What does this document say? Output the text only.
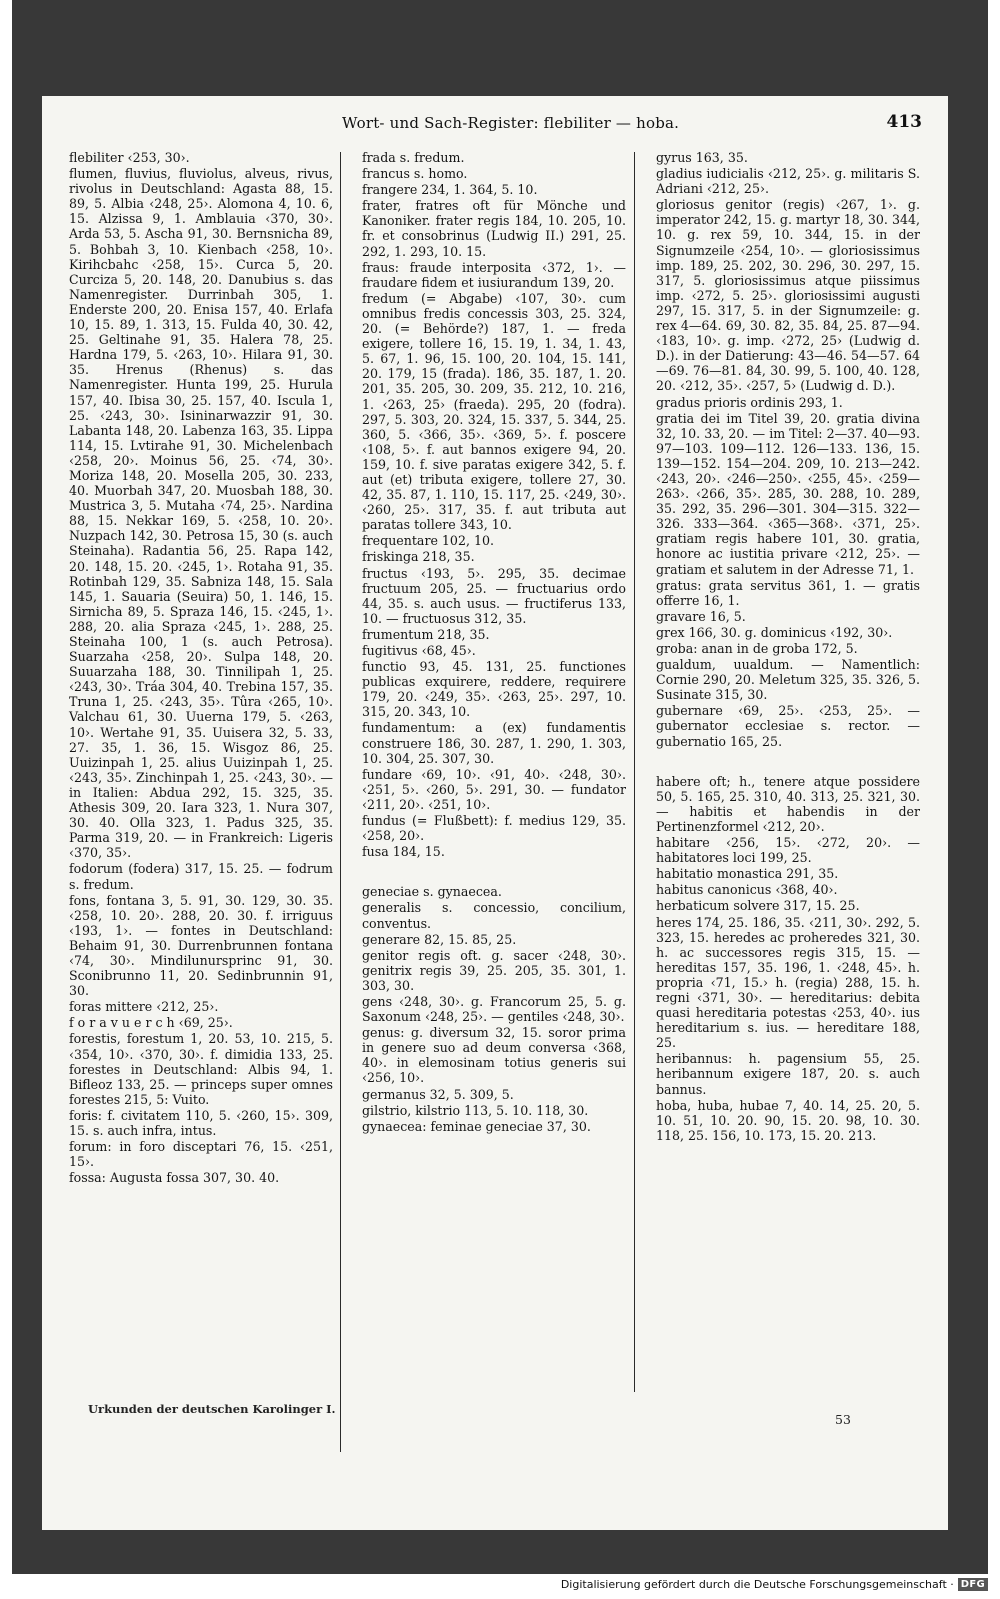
Wort- und Sach-Register: flebiliter — hoba.	413
flebiliter ‹253, 30›.
flumen, fluvius, fluviolus, alveus, rivus, rivolus in Deutschland: Agasta 88, 15. 89, 5. Albia ‹248, 25›. Alomona 4, 10. 6, 15. Alzissa 9, 1. Amblauia ‹370, 30›. Arda 53, 5. Ascha 91, 30. Bernsnicha 89, 5. Bohbah 3, 10. Kienbach ‹258, 10›. Kirihcbahc ‹258, 15›. Curca 5, 20. Curciza 5, 20. 148, 20. Danubius s. das Namenregister. Durrinbah 305, 1. Enderste 200, 20. Enisa 157, 40. Erlafa 10, 15. 89, 1. 313, 15. Fulda 40, 30. 42, 25. Geltinahe 91, 35. Halera 78, 25. Hardna 179, 5. ‹263, 10›. Hilara 91, 30. 35. Hrenus (Rhenus) s. das Namenregister. Hunta 199, 25. Hurula 157, 40. Ibisa 30, 25. 157, 40. Iscula 1, 25. ‹243, 30›. Isininarwazzir 91, 30. Labanta 148, 20. Labenza 163, 35. Lippa 114, 15. Lvtirahe 91, 30. Michelenbach ‹258, 20›. Moinus 56, 25. ‹74, 30›. Moriza 148, 20. Mosella 205, 30. 233, 40. Muorbah 347, 20. Muosbah 188, 30. Mustrica 3, 5. Mutaha ‹74, 25›. Nardina 88, 15. Nekkar 169, 5. ‹258, 10. 20›. Nuzpach 142, 30. Petrosa 15, 30 (s. auch Steinaha). Radantia 56, 25. Rapa 142, 20. 148, 15. 20. ‹245, 1›. Rotaha 91, 35. Rotinbah 129, 35. Sabniza 148, 15. Sala 145, 1. Sauaria (Seuira) 50, 1. 146, 15. Sirnicha 89, 5. Spraza 146, 15. ‹245, 1›. 288, 20. alia Spraza ‹245, 1›. 288, 25. Steinaha 100, 1 (s. auch Petrosa). Suarzaha ‹258, 20›. Sulpa 148, 20. Suuarzaha 188, 30. Tinnilipah 1, 25. ‹243, 30›. Tráa 304, 40. Trebina 157, 35. Truna 1, 25. ‹243, 35›. Tûra ‹265, 10›. Valchau 61, 30. Uuerna 179, 5. ‹263, 10›. Wertahe 91, 35. Uuisera 32, 5. 33, 27. 35, 1. 36, 15. Wisgoz 86, 25. Uuizinpah 1, 25. alius Uuizinpah 1, 25. ‹243, 35›. Zinchinpah 1, 25. ‹243, 30›. — in Italien: Abdua 292, 15. 325, 35. Athesis 309, 20. Iara 323, 1. Nura 307, 30. 40. Olla 323, 1. Padus 325, 35. Parma 319, 20. — in Frankreich: Ligeris ‹370, 35›.
fodorum (fodera) 317, 15. 25. — fodrum s. fredum.
fons, fontana 3, 5. 91, 30. 129, 30. 35. ‹258, 10. 20›. 288, 20. 30. f. irriguus ‹193, 1›. — fontes in Deutschland: Behaim 91, 30. Durrenbrunnen fontana ‹74, 30›. Mindilunursprinc 91, 30. Sconibrunno 11, 20. Sedinbrunnin 91, 30.
foras mittere ‹212, 25›.
f o r a v u e r c h ‹69, 25›.
forestis, forestum 1, 20. 53, 10. 215, 5. ‹354, 10›. ‹370, 30›. f. dimidia 133, 25. forestes in Deutschland: Albis 94, 1. Bifleoz 133, 25. — princeps super omnes forestes 215, 5: Vuito.
foris: f. civitatem 110, 5. ‹260, 15›. 309, 15. s. auch infra, intus.
forum: in foro disceptari 76, 15. ‹251, 15›.
fossa: Augusta fossa 307, 30. 40.
frada s. fredum.
francus s. homo.
frangere 234, 1. 364, 5. 10.
frater, fratres oft für Mönche und Kanoniker. frater regis 184, 10. 205, 10. fr. et consobrinus (Ludwig II.) 291, 25. 292, 1. 293, 10. 15.
fraus: fraude interposita ‹372, 1›. — fraudare fidem et iusiurandum 139, 20.
fredum (= Abgabe) ‹107, 30›. cum omnibus fredis concessis 303, 25. 324, 20. (= Behörde?) 187, 1. — freda exigere, tollere 16, 15. 19, 1. 34, 1. 43, 5. 67, 1. 96, 15. 100, 20. 104, 15. 141, 20. 179, 15 (frada). 186, 35. 187, 1. 20. 201, 35. 205, 30. 209, 35. 212, 10. 216, 1. ‹263, 25› (fraeda). 295, 20 (fodra). 297, 5. 303, 20. 324, 15. 337, 5. 344, 25. 360, 5. ‹366, 35›. ‹369, 5›. f. poscere ‹108, 5›. f. aut bannos exigere 94, 20. 159, 10. f. sive paratas exigere 342, 5. f. aut (et) tributa exigere, tollere 27, 30. 42, 35. 87, 1. 110, 15. 117, 25. ‹249, 30›. ‹260, 25›. 317, 35. f. aut tributa aut paratas tollere 343, 10.
frequentare 102, 10.
friskinga 218, 35.
fructus ‹193, 5›. 295, 35. decimae fructuum 205, 25. — fructuarius ordo 44, 35. s. auch usus. — fructiferus 133, 10. — fructuosus 312, 35.
frumentum 218, 35.
fugitivus ‹68, 45›.
functio 93, 45. 131, 25. functiones publicas exquirere, reddere, requirere 179, 20. ‹249, 35›. ‹263, 25›. 297, 10. 315, 20. 343, 10.
fundamentum: a (ex) fundamentis construere 186, 30. 287, 1. 290, 1. 303, 10. 304, 25. 307, 30.
fundare ‹69, 10›. ‹91, 40›. ‹248, 30›. ‹251, 5›. ‹260, 5›. 291, 30. — fundator ‹211, 20›. ‹251, 10›.
fundus (= Flußbett): f. medius 129, 35. ‹258, 20›.
fusa 184, 15.
geneciae s. gynaecea.
generalis s. concessio, concilium, conventus.
generare 82, 15. 85, 25.
genitor regis oft. g. sacer ‹248, 30›. genitrix regis 39, 25. 205, 35. 301, 1. 303, 30.
gens ‹248, 30›. g. Francorum 25, 5. g. Saxonum ‹248, 25›. — gentiles ‹248, 30›.
genus: g. diversum 32, 15. soror prima in genere suo ad deum conversa ‹368, 40›. in elemosinam totius generis sui ‹256, 10›.
germanus 32, 5. 309, 5.
gilstrio, kilstrio 113, 5. 10. 118, 30.
gynaecea: feminae geneciae 37, 30.
gyrus 163, 35.
gladius iudicialis ‹212, 25›. g. militaris S. Adriani ‹212, 25›.
gloriosus genitor (regis) ‹267, 1›. g. imperator 242, 15. g. martyr 18, 30. 344, 10. g. rex 59, 10. 344, 15. in der Signumzeile ‹254, 10›. — gloriosissimus imp. 189, 25. 202, 30. 296, 30. 297, 15. 317, 5. gloriosissimus atque piissimus imp. ‹272, 5. 25›. gloriosissimi augusti 297, 15. 317, 5. in der Signumzeile: g. rex 4—64. 69, 30. 82, 35. 84, 25. 87—94. ‹183, 10›. g. imp. ‹272, 25› (Ludwig d. D.). in der Datierung: 43—46. 54—57. 64—69. 76—81. 84, 30. 99, 5. 100, 40. 128, 20. ‹212, 35›. ‹257, 5› (Ludwig d. D.).
gradus prioris ordinis 293, 1.
gratia dei im Titel 39, 20. gratia divina 32, 10. 33, 20. — im Titel: 2—37. 40—93. 97—103. 109—112. 126—133. 136, 15. 139—152. 154—204. 209, 10. 213—242. ‹243, 20›. ‹246—250›. ‹255, 45›. ‹259—263›. ‹266, 35›. 285, 30. 288, 10. 289, 35. 292, 35. 296—301. 304—315. 322—326. 333—364. ‹365—368›. ‹371, 25›. gratiam regis habere 101, 30. gratia, honore ac iustitia privare ‹212, 25›. — gratiam et salutem in der Adresse 71, 1.
gratus: grata servitus 361, 1. — gratis offerre 16, 1.
gravare 16, 5.
grex 166, 30. g. dominicus ‹192, 30›.
groba: anan in de groba 172, 5.
gualdum, uualdum. — Namentlich: Cornie 290, 20. Meletum 325, 35. 326, 5. Susinate 315, 30.
gubernare ‹69, 25›. ‹253, 25›. — gubernator ecclesiae s. rector. — gubernatio 165, 25.
habere oft; h., tenere atque possidere 50, 5. 165, 25. 310, 40. 313, 25. 321, 30. — habitis et habendis in der Pertinenzformel ‹212, 20›.
habitare ‹256, 15›. ‹272, 20›. — habitatores loci 199, 25.
habitatio monastica 291, 35.
habitus canonicus ‹368, 40›.
herbaticum solvere 317, 15. 25.
heres 174, 25. 186, 35. ‹211, 30›. 292, 5. 323, 15. heredes ac proheredes 321, 30. h. ac successores regis 315, 15. — hereditas 157, 35. 196, 1. ‹248, 45›. h. propria ‹71, 15.› h. (regia) 288, 15. h. regni ‹371, 30›. — hereditarius: debita quasi hereditaria potestas ‹253, 40›. ius hereditarium s. ius. — hereditare 188, 25.
heribannus: h. pagensium 55, 25. heribannum exigere 187, 20. s. auch bannus.
hoba, huba, hubae 7, 40. 14, 25. 20, 5. 10. 51, 10. 20. 90, 15. 20. 98, 10. 30. 118, 25. 156, 10. 173, 15. 20. 213.
Urkunden der deutschen Karolinger I.
53
Digitalisierung gefördert durch die Deutsche Forschungsgemeinschaft · DFG
